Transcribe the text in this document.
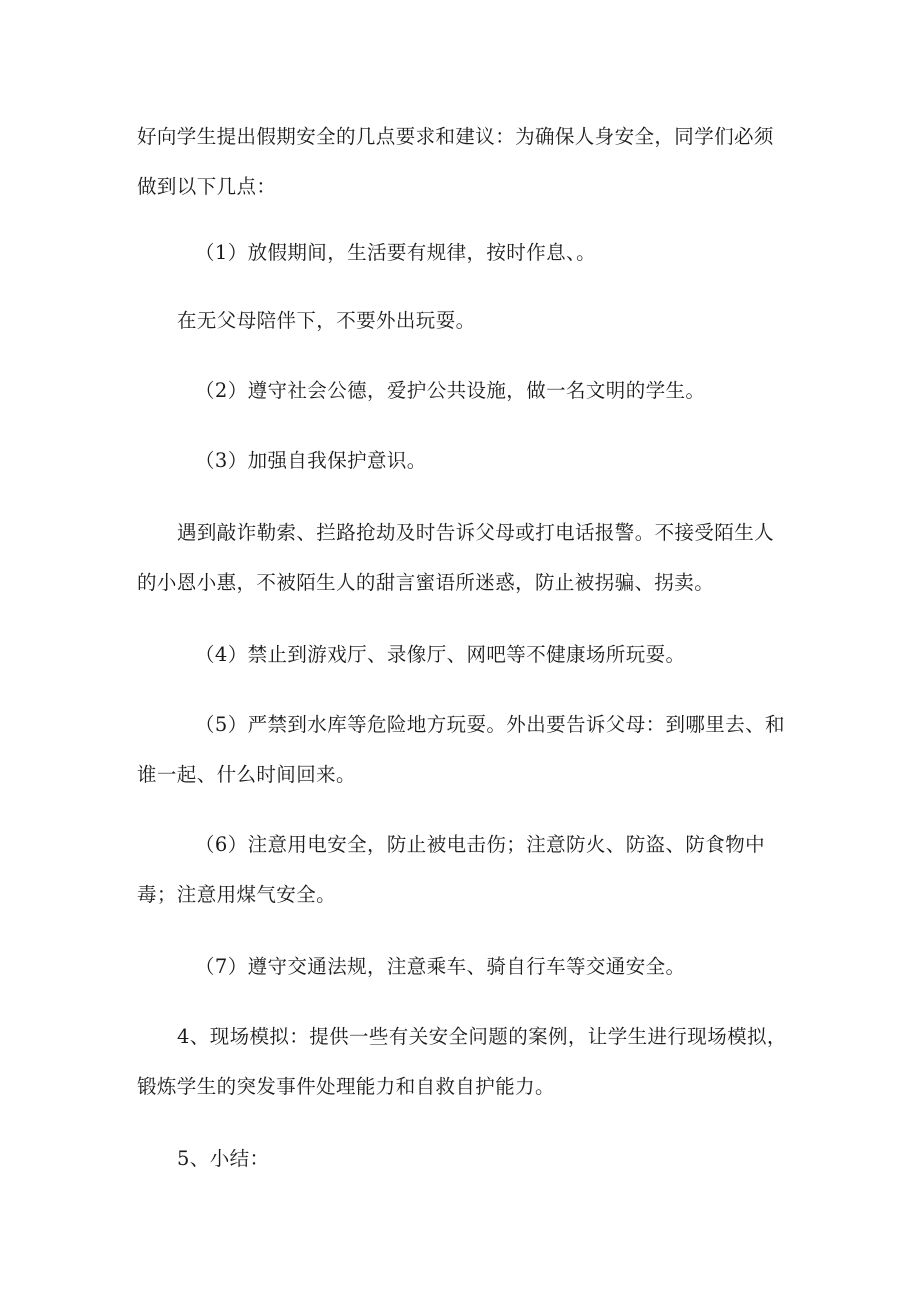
好向学生提出假期安全的几点要求和建议：为确保人身安全，同学们必须做到以下几点：

（1）放假期间，生活要有规律，按时作息、。

在无父母陪伴下，不要外出玩耍。

（2）遵守社会公德，爱护公共设施，做一名文明的学生。

（3）加强自我保护意识。

遇到敲诈勒索、拦路抢劫及时告诉父母或打电话报警。不接受陌生人的小恩小惠，不被陌生人的甜言蜜语所迷惑，防止被拐骗、拐卖。

（4）禁止到游戏厅、录像厅、网吧等不健康场所玩耍。

（5）严禁到水库等危险地方玩耍。外出要告诉父母：到哪里去、和谁一起、什么时间回来。

（6）注意用电安全，防止被电击伤；注意防火、防盗、防食物中毒；注意用煤气安全。

（7）遵守交通法规，注意乘车、骑自行车等交通安全。

4、现场模拟：提供一些有关安全问题的案例，让学生进行现场模拟，锻炼学生的突发事件处理能力和自救自护能力。

5、小结：
